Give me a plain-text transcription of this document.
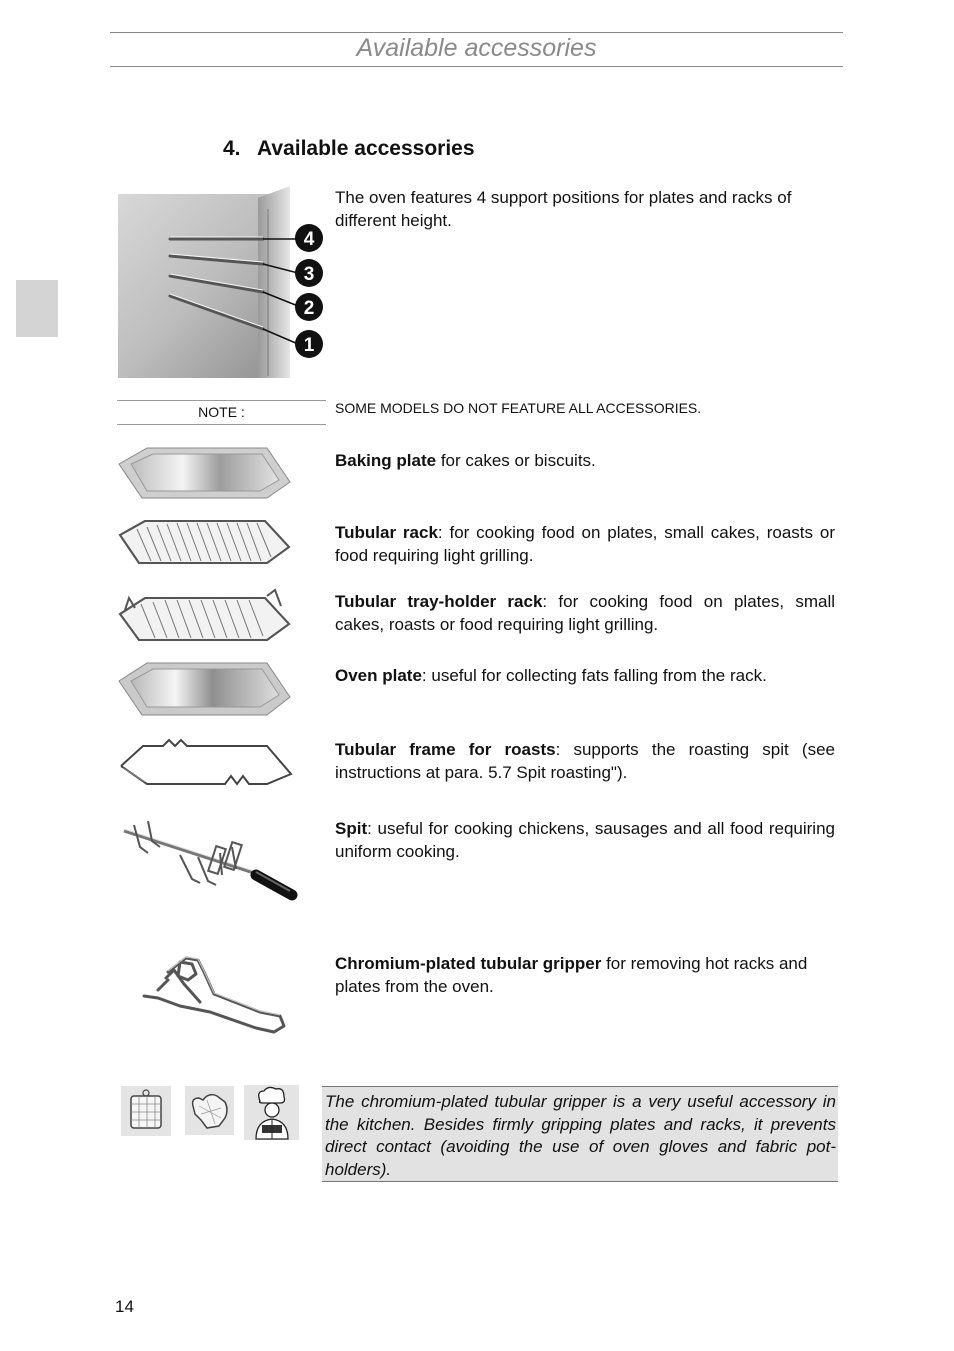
Available accessories
4. Available accessories
4
3
2
1
The oven features 4 support positions for plates and racks of different height.
NOTE :	SOME MODELS DO NOT FEATURE ALL ACCESSORIES.
Baking plate for cakes or biscuits.
Tubular rack: for cooking food on plates, small cakes, roasts or food requiring light grilling.
Tubular tray-holder rack: for cooking food on plates, small cakes, roasts or food requiring light grilling.
Oven plate: useful for collecting fats falling from the rack.
Tubular frame for roasts: supports the roasting spit (see instructions at para. 5.7 Spit roasting").
Spit: useful for cooking chickens, sausages and all food requiring uniform cooking.
Chromium-plated tubular gripper for removing hot racks and plates from the oven.
The chromium-plated tubular gripper is a very useful accessory in the kitchen. Besides firmly gripping plates and racks, it prevents direct contact (avoiding the use of oven gloves and fabric pot-holders).
14
